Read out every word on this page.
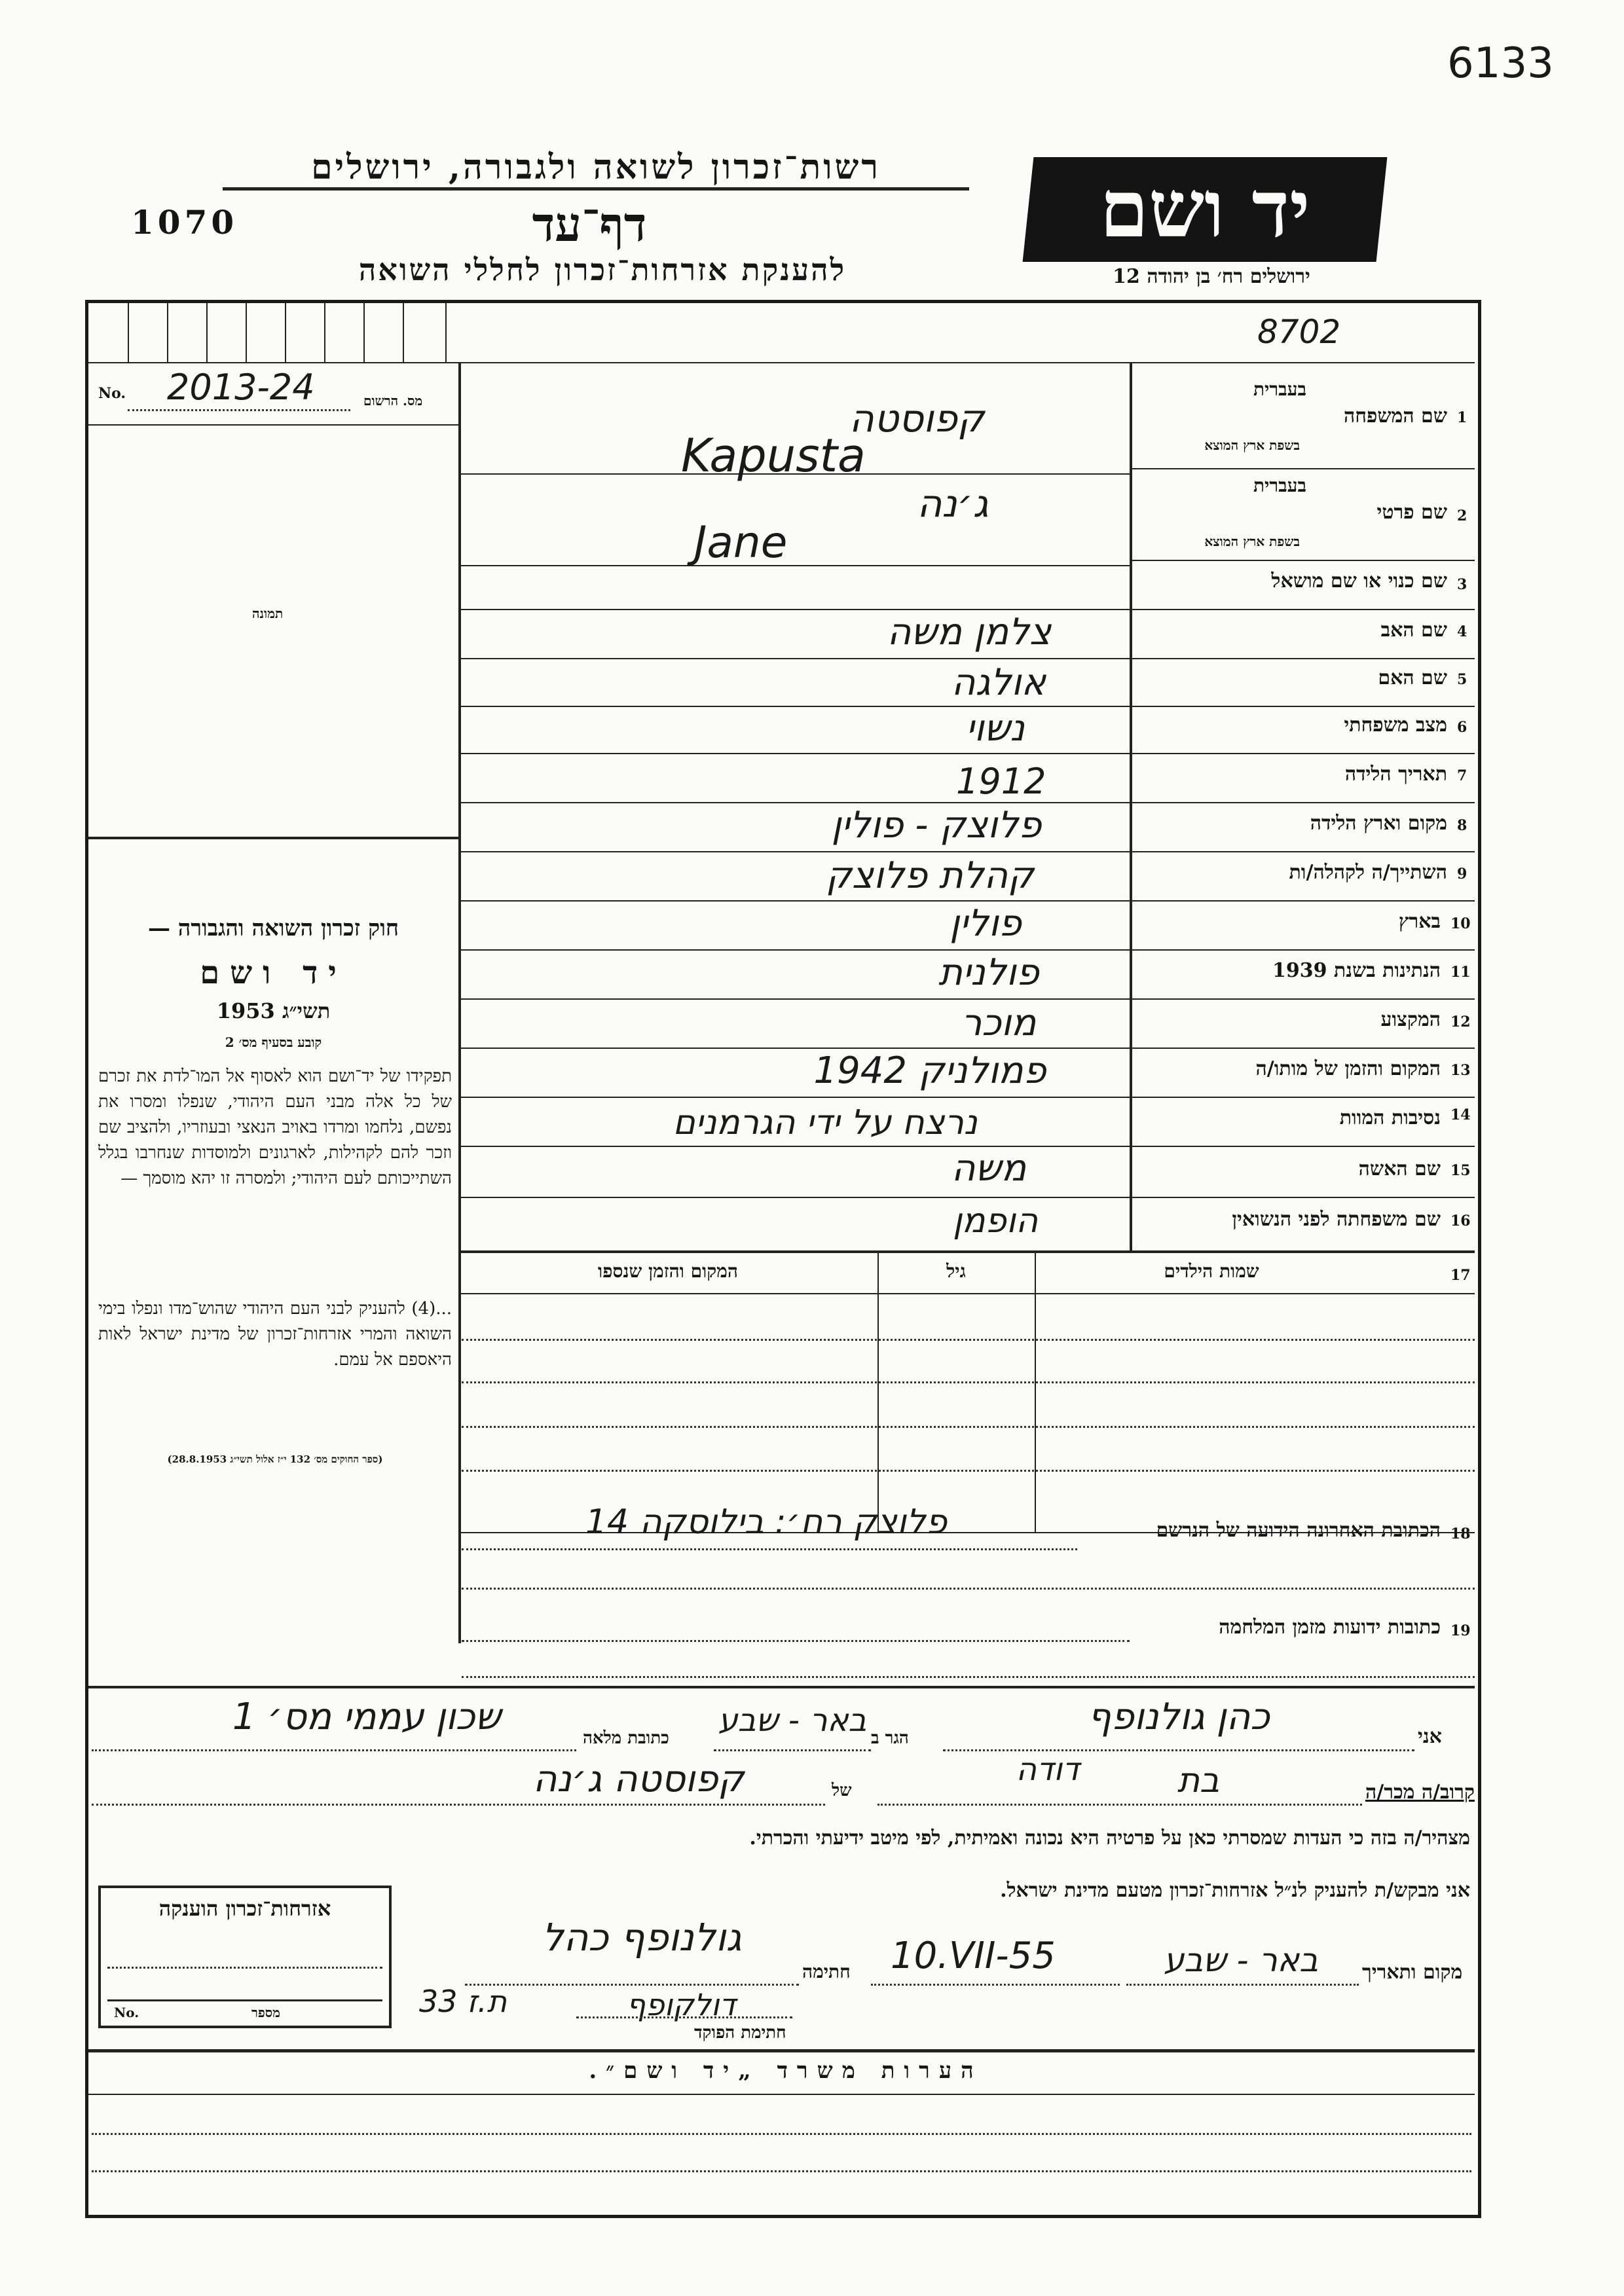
6133
רשות־זכרון לשואה ולגבורה, ירושלים
דף־עד
להענקת אזרחות־זכרון לחללי השואה
1070	יד ושם
ירושלים רח׳ בן יהודה 12
8702
No. 2013-24	מס. הרשום
תמונה
חוק זכרון השואה והגבורה —
יד ושם
תשי״ג 1953
קובע בסעיף מס׳ 2
תפקידו של יד־ושם הוא לאסוף אל המו־לדת את זכרם של כל אלה מבני העם היהודי, שנפלו ומסרו את נפשם, נלחמו ומרדו באויב הנאצי ובעוזריו, ולהציב שם וזכר להם לקהילות, לארגונים ולמוסדות שנחרבו בגלל השתייכותם לעם היהודי; ולמסרה זו יהא מוסמך —
...(4) להעניק לבני העם היהודי שהוש־מדו ונפלו בימי השואה והמרי אזרחות־זכרון של מדינת ישראל לאות היאספם אל עמם.
(ספר החוקים מס׳ 132 י״ז אלול תשי״ג 28.8.1953)
1
שם המשפחה
בעברית
בשפת ארץ המוצא
קפוסטה
Kapusta
2
שם פרטי
בעברית
בשפת ארץ המוצא
ג׳נה
Jane
3
שם כנוי או שם מושאל
4
שם האב
צלמן משה
5
שם האם
אולגה
6
מצב משפחתי
נשוי
7
תאריך הלידה
1912
8
מקום וארץ הלידה
פלוצק - פולין
9
השתייך/ה לקהלה/ות
קהלת פלוצק
10
בארץ
פולין
11
הנתינות בשנת 1939
פולנית
12
המקצוע
מוכר
13
המקום והזמן של מותו/ה
פמולניק 1942
14
נסיבות המוות
נרצח על ידי הגרמנים
15
שם האשה
משה
16
שם משפחתה לפני הנשואין
הופמן
17
שמות הילדים
גיל
המקום והזמן שנספו
18
הכתובת האחרונה הידועה של הנרשם
פלוצק רח׳: בילוסקה 14
19
כתובות ידועות מזמן המלחמה
אני
כהן גולנופף
הגר ב
באר - שבע
כתובת מלאה
שכון עממי מס׳ 1
קרוב/ה מכר/ה
בת
דודה
של
קפוסטה ג׳נה
מצהיר/ה בזה כי העדות שמסרתי כאן על פרטיה היא נכונה ואמיתית, לפי מיטב ידיעתי והכרתי.
אני מבקש/ת להעניק לנ״ל אזרחות־זכרון מטעם מדינת ישראל.
אזרחות־זכרון הוענקה
No.	מספר
מקום ותאריך
באר - שבע
10.VII-55
חתימה
גולנופף כהל
33 ת.ז	דולקופף
חתימת הפוקד
הערות משרד „יד ושם״.
